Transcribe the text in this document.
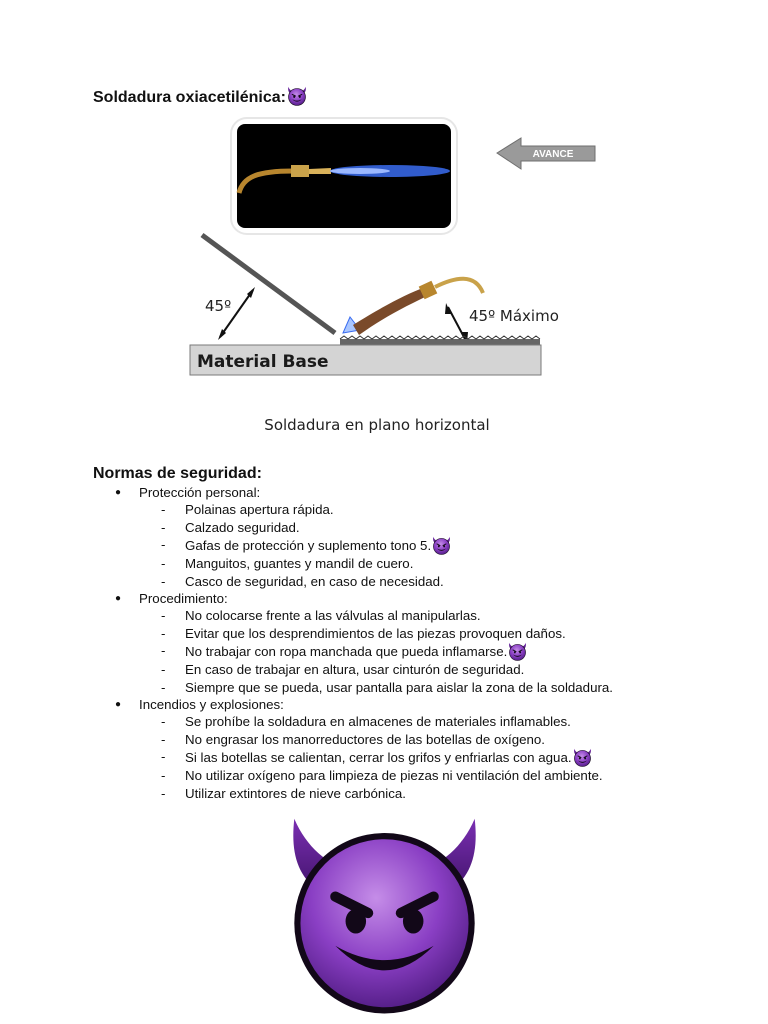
Soldadura oxiacetilénica:
AVANCE
45º
45º Máximo
Material Base
Soldadura en plano horizontal
Normas de seguridad:
● Protección personal:
- Polainas apertura rápida.
- Calzado seguridad.
- Gafas de protección y suplemento tono 5.
- Manguitos, guantes y mandil de cuero.
- Casco de seguridad, en caso de necesidad.
● Procedimiento:
- No colocarse frente a las válvulas al manipularlas.
- Evitar que los desprendimientos de las piezas provoquen daños.
- No trabajar con ropa manchada que pueda inflamarse.
- En caso de trabajar en altura, usar cinturón de seguridad.
- Siempre que se pueda, usar pantalla para aislar la zona de la soldadura.
● Incendios y explosiones:
- Se prohíbe la soldadura en almacenes de materiales inflamables.
- No engrasar los manorreductores de las botellas de oxígeno.
- Si las botellas se calientan, cerrar los grifos y enfriarlas con agua.
- No utilizar oxígeno para limpieza de piezas ni ventilación del ambiente.
- Utilizar extintores de nieve carbónica.
